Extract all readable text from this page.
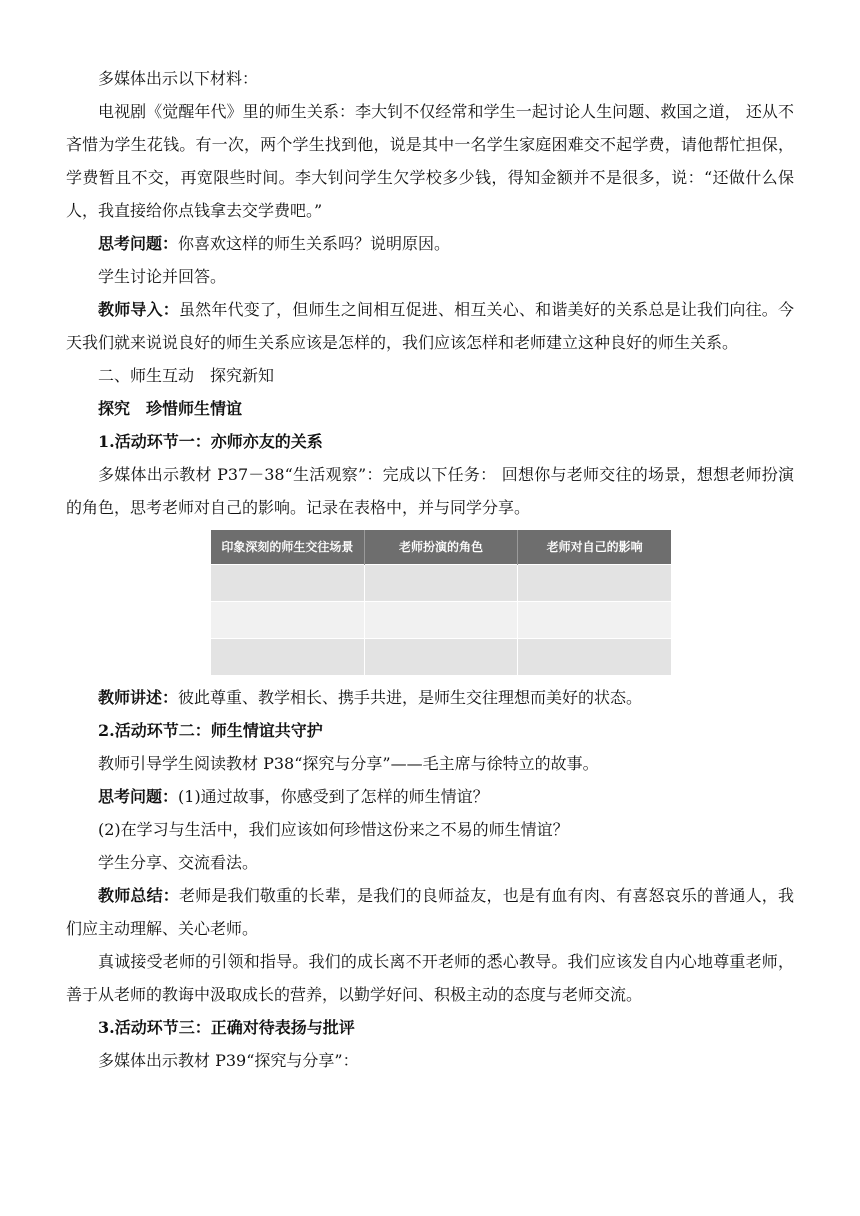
多媒体出示以下材料：

电视剧《觉醒年代》里的师生关系：李大钊不仅经常和学生一起讨论人生问题、救国之道， 还从不吝惜为学生花钱。有一次，两个学生找到他，说是其中一名学生家庭困难交不起学费，请他帮忙担保，学费暂且不交，再宽限些时间。李大钊问学生欠学校多少钱，得知金额并不是很多，说：“还做什么保人，我直接给你点钱拿去交学费吧。”

思考问题：你喜欢这样的师生关系吗？说明原因。

学生讨论并回答。

教师导入：虽然年代变了，但师生之间相互促进、相互关心、和谐美好的关系总是让我们向往。今天我们就来说说良好的师生关系应该是怎样的，我们应该怎样和老师建立这种良好的师生关系。

二、师生互动　探究新知

探究　珍惜师生情谊

1.活动环节一：亦师亦友的关系

多媒体出示教材 P37－38“生活观察”：完成以下任务： 回想你与老师交往的场景，想想老师扮演的角色，思考老师对自己的影响。记录在表格中，并与同学分享。

印象深刻的师生交往场景	老师扮演的角色	老师对自己的影响

教师讲述：彼此尊重、教学相长、携手共进，是师生交往理想而美好的状态。

2.活动环节二：师生情谊共守护

教师引导学生阅读教材 P38“探究与分享”——毛主席与徐特立的故事。

思考问题：(1)通过故事，你感受到了怎样的师生情谊？

(2)在学习与生活中，我们应该如何珍惜这份来之不易的师生情谊？

学生分享、交流看法。

教师总结：老师是我们敬重的长辈，是我们的良师益友，也是有血有肉、有喜怒哀乐的普通人，我们应主动理解、关心老师。

真诚接受老师的引领和指导。我们的成长离不开老师的悉心教导。我们应该发自内心地尊重老师，善于从老师的教诲中汲取成长的营养，以勤学好问、积极主动的态度与老师交流。

3.活动环节三：正确对待表扬与批评

多媒体出示教材 P39“探究与分享”：
